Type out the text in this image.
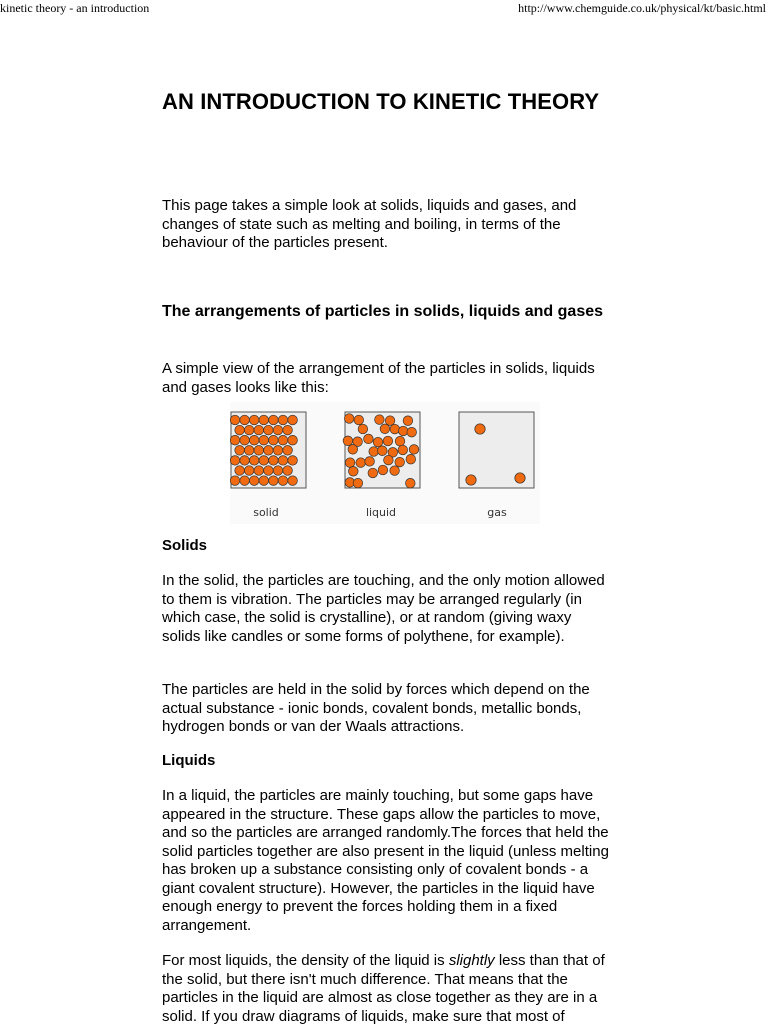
kinetic theory - an introduction	http://www.chemguide.co.uk/physical/kt/basic.html
AN INTRODUCTION TO KINETIC THEORY

This page takes a simple look at solids, liquids and gases, and changes of state such as melting and boiling, in terms of the behaviour of the particles present.

The arrangements of particles in solids, liquids and gases

A simple view of the arrangement of the particles in solids, liquids and gases looks like this:

solid	liquid	gas
Solids

In the solid, the particles are touching, and the only motion allowed to them is vibration. The particles may be arranged regularly (in which case, the solid is crystalline), or at random (giving waxy solids like candles or some forms of polythene, for example).

The particles are held in the solid by forces which depend on the actual substance - ionic bonds, covalent bonds, metallic bonds, hydrogen bonds or van der Waals attractions.

Liquids

In a liquid, the particles are mainly touching, but some gaps have appeared in the structure. These gaps allow the particles to move, and so the particles are arranged randomly.The forces that held the solid particles together are also present in the liquid (unless melting has broken up a substance consisting only of covalent bonds - a giant covalent structure). However, the particles in the liquid have enough energy to prevent the forces holding them in a fixed arrangement.

For most liquids, the density of the liquid is slightly less than that of the solid, but there isn't much difference. That means that the particles in the liquid are almost as close together as they are in a solid. If you draw diagrams of liquids, make sure that most of
